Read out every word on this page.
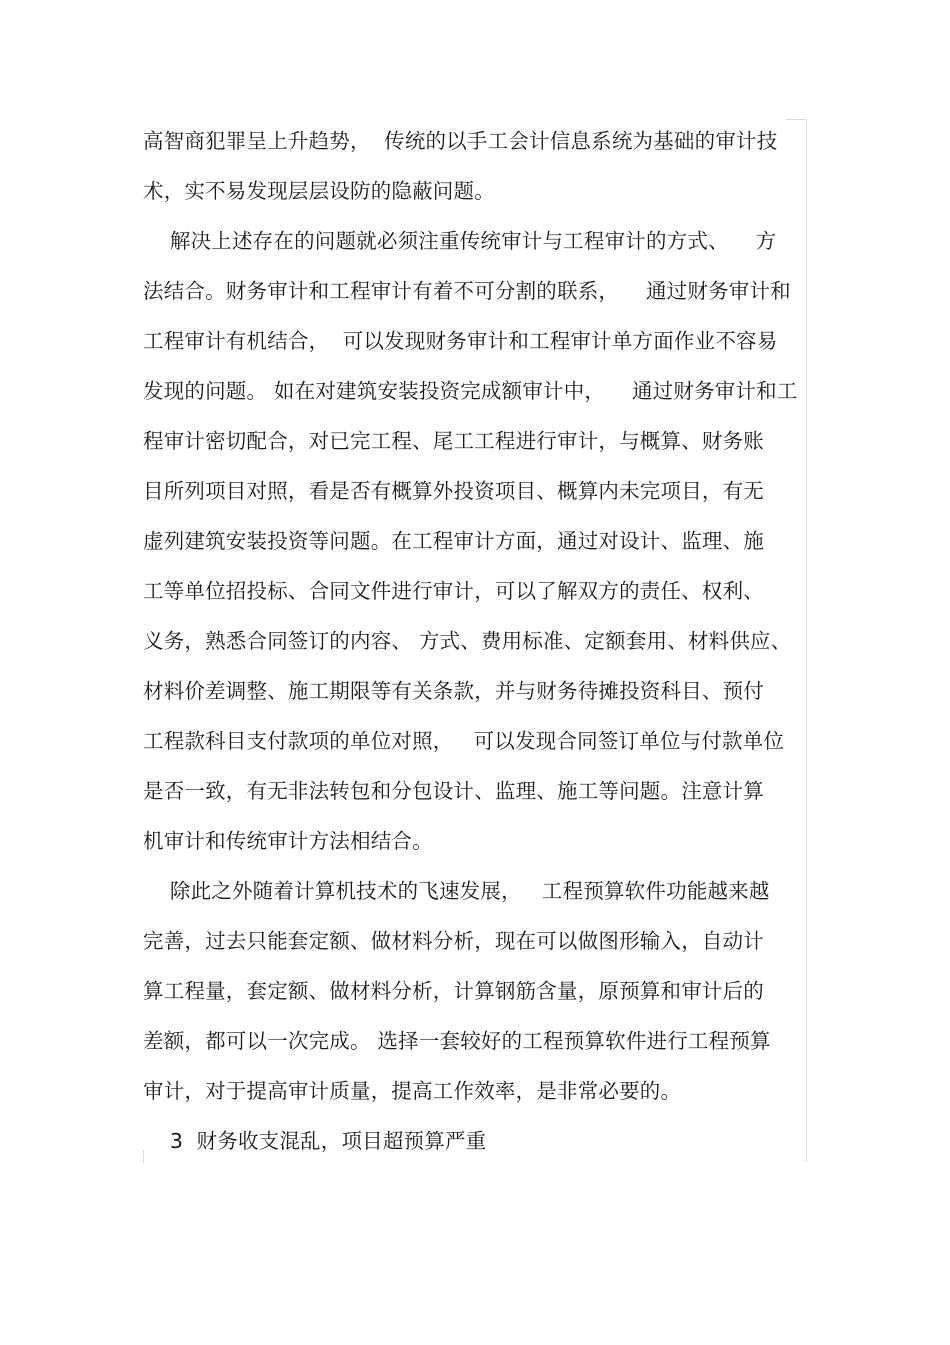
高智商犯罪呈上升趋势，  传统的以手工会计信息系统为基础的审计技
术，实不易发现层层设防的隐蔽问题。
解决上述存在的问题就必须注重传统审计与工程审计的方式、    方
法结合。财务审计和工程审计有着不可分割的联系，    通过财务审计和
工程审计有机结合，  可以发现财务审计和工程审计单方面作业不容易
发现的问题。 如在对建筑安装投资完成额审计中，    通过财务审计和工
程审计密切配合，对已完工程、尾工工程进行审计，与概算、财务账
目所列项目对照，看是否有概算外投资项目、概算内未完项目，有无
虚列建筑安装投资等问题。在工程审计方面，通过对设计、监理、施
工等单位招投标、合同文件进行审计，可以了解双方的责任、权利、
义务，熟悉合同签订的内容、 方式、费用标准、定额套用、材料供应、
材料价差调整、施工期限等有关条款，并与财务待摊投资科目、预付
工程款科目支付款项的单位对照，   可以发现合同签订单位与付款单位
是否一致，有无非法转包和分包设计、监理、施工等问题。注意计算
机审计和传统审计方法相结合。
除此之外随着计算机技术的飞速发展，   工程预算软件功能越来越
完善，过去只能套定额、做材料分析，现在可以做图形输入，自动计
算工程量，套定额、做材料分析，计算钢筋含量，原预算和审计后的
差额，都可以一次完成。 选择一套较好的工程预算软件进行工程预算
审计，对于提高审计质量，提高工作效率，是非常必要的。
3  财务收支混乱，项目超预算严重
